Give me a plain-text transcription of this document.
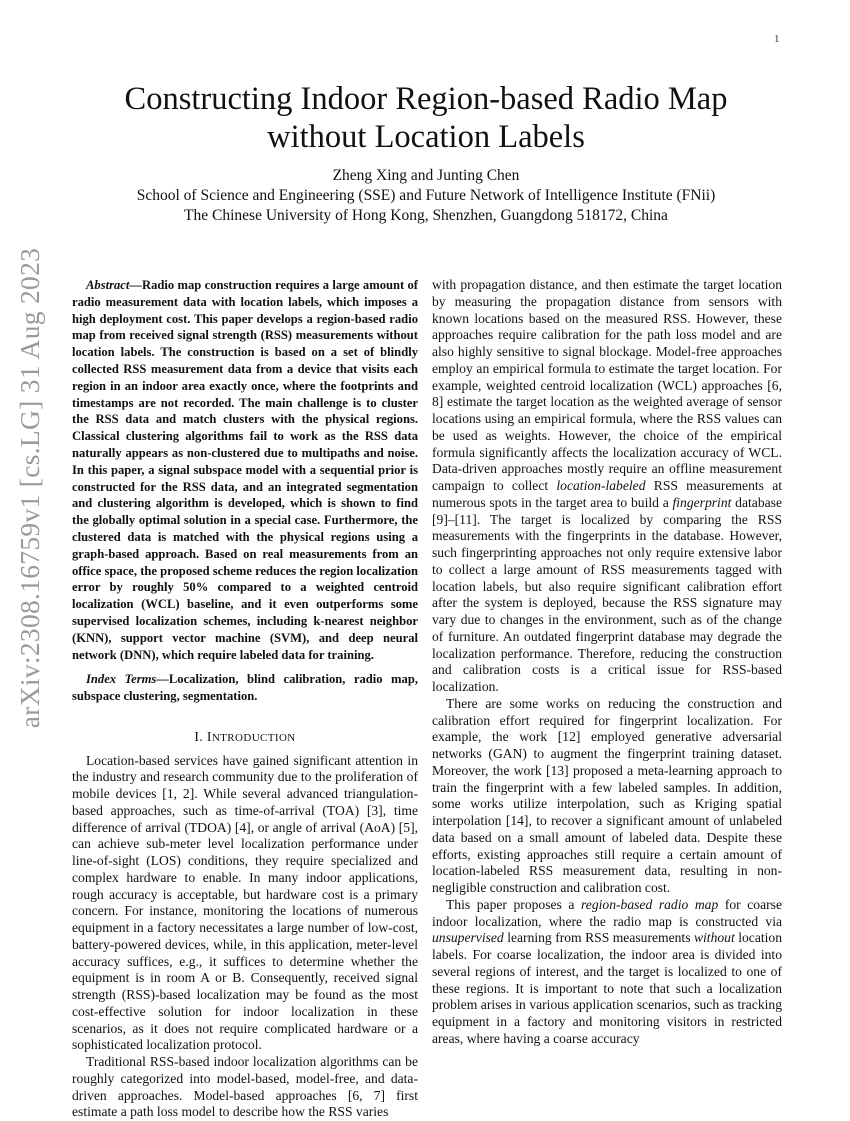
1
arXiv:2308.16759v1 [cs.LG] 31 Aug 2023
Constructing Indoor Region-based Radio Map
without Location Labels
Zheng Xing and Junting Chen
School of Science and Engineering (SSE) and Future Network of Intelligence Institute (FNii)
The Chinese University of Hong Kong, Shenzhen, Guangdong 518172, China

Abstract—Radio map construction requires a large amount of radio measurement data with location labels, which imposes a high deployment cost. This paper develops a region-based radio map from received signal strength (RSS) measurements without location labels. The construction is based on a set of blindly collected RSS measurement data from a device that visits each region in an indoor area exactly once, where the footprints and timestamps are not recorded. The main challenge is to cluster the RSS data and match clusters with the physical regions. Classical clustering algorithms fail to work as the RSS data naturally appears as non-clustered due to multipaths and noise. In this paper, a signal subspace model with a sequential prior is constructed for the RSS data, and an integrated segmentation and clustering algorithm is developed, which is shown to find the globally optimal solution in a special case. Furthermore, the clustered data is matched with the physical regions using a graph-based approach. Based on real measurements from an office space, the proposed scheme reduces the region localization error by roughly 50% compared to a weighted centroid localization (WCL) baseline, and it even outperforms some supervised localization schemes, including k-nearest neighbor (KNN), support vector machine (SVM), and deep neural network (DNN), which require labeled data for training.

Index Terms—Localization, blind calibration, radio map, subspace clustering, segmentation.

I. INTRODUCTION

Location-based services have gained significant attention in the industry and research community due to the proliferation of mobile devices [1, 2]. While several advanced triangulation-based approaches, such as time-of-arrival (TOA) [3], time difference of arrival (TDOA) [4], or angle of arrival (AoA) [5], can achieve sub-meter level localization performance under line-of-sight (LOS) conditions, they require specialized and complex hardware to enable. In many indoor applications, rough accuracy is acceptable, but hardware cost is a primary concern. For instance, monitoring the locations of numerous equipment in a factory necessitates a large number of low-cost, battery-powered devices, while, in this application, meter-level accuracy suffices, e.g., it suffices to determine whether the equipment is in room A or B. Consequently, received signal strength (RSS)-based localization may be found as the most cost-effective solution for indoor localization in these scenarios, as it does not require complicated hardware or a sophisticated localization protocol.

Traditional RSS-based indoor localization algorithms can be roughly categorized into model-based, model-free, and data-driven approaches. Model-based approaches [6, 7] first estimate a path loss model to describe how the RSS varies

with propagation distance, and then estimate the target location by measuring the propagation distance from sensors with known locations based on the measured RSS. However, these approaches require calibration for the path loss model and are also highly sensitive to signal blockage. Model-free approaches employ an empirical formula to estimate the target location. For example, weighted centroid localization (WCL) approaches [6, 8] estimate the target location as the weighted average of sensor locations using an empirical formula, where the RSS values can be used as weights. However, the choice of the empirical formula significantly affects the localization accuracy of WCL. Data-driven approaches mostly require an offline measurement campaign to collect location-labeled RSS measurements at numerous spots in the target area to build a fingerprint database [9]–[11]. The target is localized by comparing the RSS measurements with the fingerprints in the database. However, such fingerprinting approaches not only require extensive labor to collect a large amount of RSS measurements tagged with location labels, but also require significant calibration effort after the system is deployed, because the RSS signature may vary due to changes in the environment, such as of the change of furniture. An outdated fingerprint database may degrade the localization performance. Therefore, reducing the construction and calibration costs is a critical issue for RSS-based localization.

There are some works on reducing the construction and calibration effort required for fingerprint localization. For example, the work [12] employed generative adversarial networks (GAN) to augment the fingerprint training dataset. Moreover, the work [13] proposed a meta-learning approach to train the fingerprint with a few labeled samples. In addition, some works utilize interpolation, such as Kriging spatial interpolation [14], to recover a significant amount of unlabeled data based on a small amount of labeled data. Despite these efforts, existing approaches still require a certain amount of location-labeled RSS measurement data, resulting in non-negligible construction and calibration cost.

This paper proposes a region-based radio map for coarse indoor localization, where the radio map is constructed via unsupervised learning from RSS measurements without location labels. For coarse localization, the indoor area is divided into several regions of interest, and the target is localized to one of these regions. It is important to note that such a localization problem arises in various application scenarios, such as tracking equipment in a factory and monitoring visitors in restricted areas, where having a coarse accuracy
